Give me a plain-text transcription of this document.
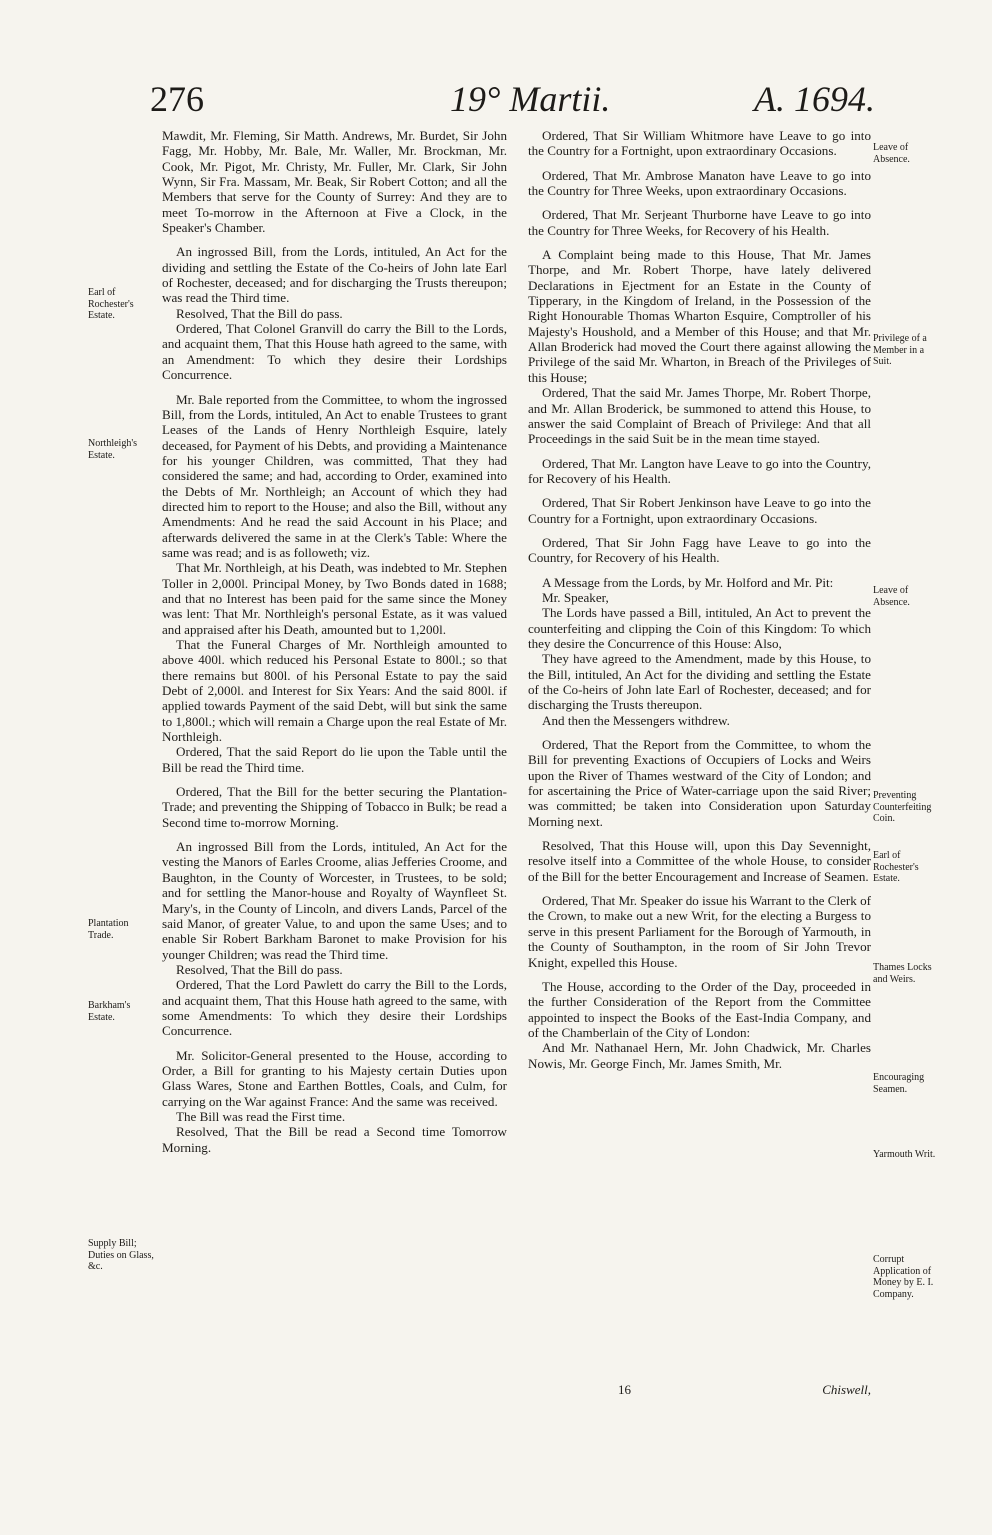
276	19° Martii.	A. 1694.
Earl of Rochester's Estate.
Northleigh's Estate.
Plantation Trade.
Barkham's Estate.
Supply Bill; Duties on Glass, &c.
Leave of Absence.
Privilege of a Member in a Suit.
Leave of Absence.
Preventing Counterfeiting Coin.
Earl of Rochester's Estate.
Thames Locks and Weirs.
Encouraging Seamen.
Yarmouth Writ.
Corrupt Application of Money by E. I. Company.

Mawdit, Mr. Fleming, Sir Matth. Andrews, Mr. Burdet, Sir John Fagg, Mr. Hobby, Mr. Bale, Mr. Waller, Mr. Brockman, Mr. Cook, Mr. Pigot, Mr. Christy, Mr. Fuller, Mr. Clark, Sir John Wynn, Sir Fra. Massam, Mr. Beak, Sir Robert Cotton; and all the Members that serve for the County of Surrey: And they are to meet To-morrow in the Afternoon at Five a Clock, in the Speaker's Chamber.

An ingrossed Bill, from the Lords, intituled, An Act for the dividing and settling the Estate of the Co-heirs of John late Earl of Rochester, deceased; and for discharging the Trusts thereupon; was read the Third time.

Resolved, That the Bill do pass.

Ordered, That Colonel Granvill do carry the Bill to the Lords, and acquaint them, That this House hath agreed to the same, with an Amendment: To which they desire their Lordships Concurrence.

Mr. Bale reported from the Committee, to whom the ingrossed Bill, from the Lords, intituled, An Act to enable Trustees to grant Leases of the Lands of Henry Northleigh Esquire, lately deceased, for Payment of his Debts, and providing a Maintenance for his younger Children, was committed, That they had considered the same; and had, according to Order, examined into the Debts of Mr. Northleigh; an Account of which they had directed him to report to the House; and also the Bill, without any Amendments: And he read the said Account in his Place; and afterwards delivered the same in at the Clerk's Table: Where the same was read; and is as followeth; viz.

That Mr. Northleigh, at his Death, was indebted to Mr. Stephen Toller in 2,000l. Principal Money, by Two Bonds dated in 1688; and that no Interest has been paid for the same since the Money was lent: That Mr. Northleigh's personal Estate, as it was valued and appraised after his Death, amounted but to 1,200l.

That the Funeral Charges of Mr. Northleigh amounted to above 400l. which reduced his Personal Estate to 800l.; so that there remains but 800l. of his Personal Estate to pay the said Debt of 2,000l. and Interest for Six Years: And the said 800l. if applied towards Payment of the said Debt, will but sink the same to 1,800l.; which will remain a Charge upon the real Estate of Mr. Northleigh.

Ordered, That the said Report do lie upon the Table until the Bill be read the Third time.

Ordered, That the Bill for the better securing the Plantation-Trade; and preventing the Shipping of Tobacco in Bulk; be read a Second time to-morrow Morning.

An ingrossed Bill from the Lords, intituled, An Act for the vesting the Manors of Earles Croome, alias Jefferies Croome, and Baughton, in the County of Worcester, in Trustees, to be sold; and for settling the Manor-house and Royalty of Waynfleet St. Mary's, in the County of Lincoln, and divers Lands, Parcel of the said Manor, of greater Value, to and upon the same Uses; and to enable Sir Robert Barkham Baronet to make Provision for his younger Children; was read the Third time.

Resolved, That the Bill do pass.

Ordered, That the Lord Pawlett do carry the Bill to the Lords, and acquaint them, That this House hath agreed to the same, with some Amendments: To which they desire their Lordships Concurrence.

Mr. Solicitor-General presented to the House, according to Order, a Bill for granting to his Majesty certain Duties upon Glass Wares, Stone and Earthen Bottles, Coals, and Culm, for carrying on the War against France: And the same was received.

The Bill was read the First time.

Resolved, That the Bill be read a Second time Tomorrow Morning.

Ordered, That Sir William Whitmore have Leave to go into the Country for a Fortnight, upon extraordinary Occasions.

Ordered, That Mr. Ambrose Manaton have Leave to go into the Country for Three Weeks, upon extraordinary Occasions.

Ordered, That Mr. Serjeant Thurborne have Leave to go into the Country for Three Weeks, for Recovery of his Health.

A Complaint being made to this House, That Mr. James Thorpe, and Mr. Robert Thorpe, have lately delivered Declarations in Ejectment for an Estate in the County of Tipperary, in the Kingdom of Ireland, in the Possession of the Right Honourable Thomas Wharton Esquire, Comptroller of his Majesty's Houshold, and a Member of this House; and that Mr. Allan Broderick had moved the Court there against allowing the Privilege of the said Mr. Wharton, in Breach of the Privileges of this House;

Ordered, That the said Mr. James Thorpe, Mr. Robert Thorpe, and Mr. Allan Broderick, be summoned to attend this House, to answer the said Complaint of Breach of Privilege: And that all Proceedings in the said Suit be in the mean time stayed.

Ordered, That Mr. Langton have Leave to go into the Country, for Recovery of his Health.

Ordered, That Sir Robert Jenkinson have Leave to go into the Country for a Fortnight, upon extraordinary Occasions.

Ordered, That Sir John Fagg have Leave to go into the Country, for Recovery of his Health.

A Message from the Lords, by Mr. Holford and Mr. Pit:

Mr. Speaker,

The Lords have passed a Bill, intituled, An Act to prevent the counterfeiting and clipping the Coin of this Kingdom: To which they desire the Concurrence of this House: Also,

They have agreed to the Amendment, made by this House, to the Bill, intituled, An Act for the dividing and settling the Estate of the Co-heirs of John late Earl of Rochester, deceased; and for discharging the Trusts thereupon.

And then the Messengers withdrew.

Ordered, That the Report from the Committee, to whom the Bill for preventing Exactions of Occupiers of Locks and Weirs upon the River of Thames westward of the City of London; and for ascertaining the Price of Water-carriage upon the said River; was committed; be taken into Consideration upon Saturday Morning next.

Resolved, That this House will, upon this Day Sevennight, resolve itself into a Committee of the whole House, to consider of the Bill for the better Encouragement and Increase of Seamen.

Ordered, That Mr. Speaker do issue his Warrant to the Clerk of the Crown, to make out a new Writ, for the electing a Burgess to serve in this present Parliament for the Borough of Yarmouth, in the County of Southampton, in the room of Sir John Trevor Knight, expelled this House.

The House, according to the Order of the Day, proceeded in the further Consideration of the Report from the Committee appointed to inspect the Books of the East-India Company, and of the Chamberlain of the City of London:

And Mr. Nathanael Hern, Mr. John Chadwick, Mr. Charles Nowis, Mr. George Finch, Mr. James Smith, Mr.

16	Chiswell,
